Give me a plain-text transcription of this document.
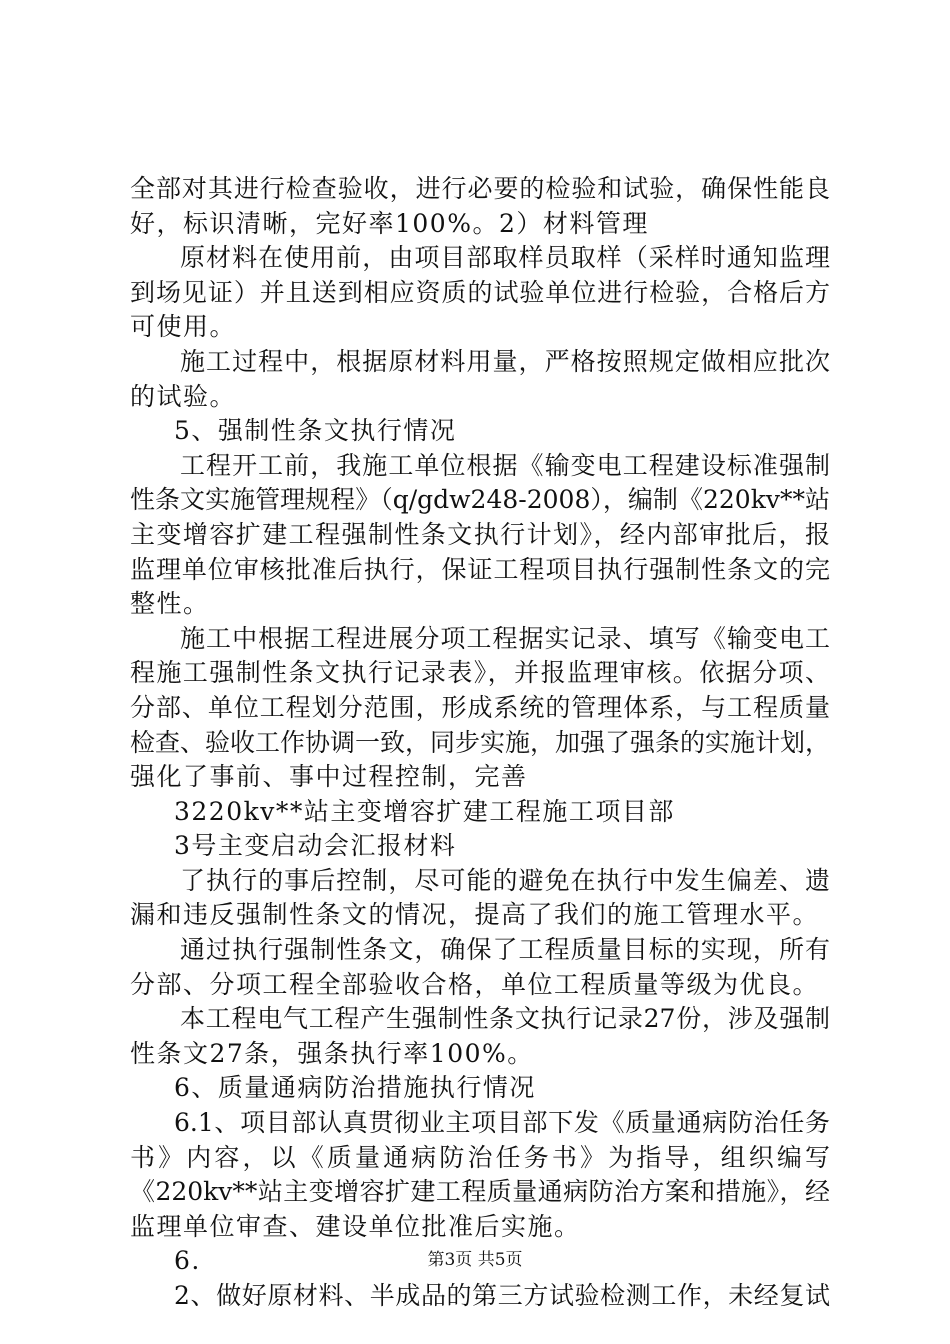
全部对其进行检查验收，进行必要的检验和试验，确保性能良
好，标识清晰，完好率100%。2）材料管理
原材料在使用前，由项目部取样员取样（采样时通知监理
到场见证）并且送到相应资质的试验单位进行检验，合格后方
可使用。
施工过程中，根据原材料用量，严格按照规定做相应批次
的试验。
5、强制性条文执行情况
工程开工前，我施工单位根据《输变电工程建设标准强制
性条文实施管理规程》（q/gdw248-2008），编制《220kv**站
主变增容扩建工程强制性条文执行计划》，经内部审批后，报
监理单位审核批准后执行，保证工程项目执行强制性条文的完
整性。
施工中根据工程进展分项工程据实记录、填写《输变电工
程施工强制性条文执行记录表》，并报监理审核。依据分项、
分部、单位工程划分范围，形成系统的管理体系，与工程质量
检查、验收工作协调一致，同步实施，加强了强条的实施计划，
强化了事前、事中过程控制，完善
3220kv**站主变增容扩建工程施工项目部
3号主变启动会汇报材料
了执行的事后控制，尽可能的避免在执行中发生偏差、遗
漏和违反强制性条文的情况，提高了我们的施工管理水平。
通过执行强制性条文，确保了工程质量目标的实现，所有
分部、分项工程全部验收合格，单位工程质量等级为优良。
本工程电气工程产生强制性条文执行记录27份，涉及强制
性条文27条，强条执行率100%。
6、质量通病防治措施执行情况
6.1、项目部认真贯彻业主项目部下发《质量通病防治任务
书》内容，以《质量通病防治任务书》为指导，组织编写
《220kv**站主变增容扩建工程质量通病防治方案和措施》，经
监理单位审查、建设单位批准后实施。
6.
2、做好原材料、半成品的第三方试验检测工作，未经复试
第3页 共5页
